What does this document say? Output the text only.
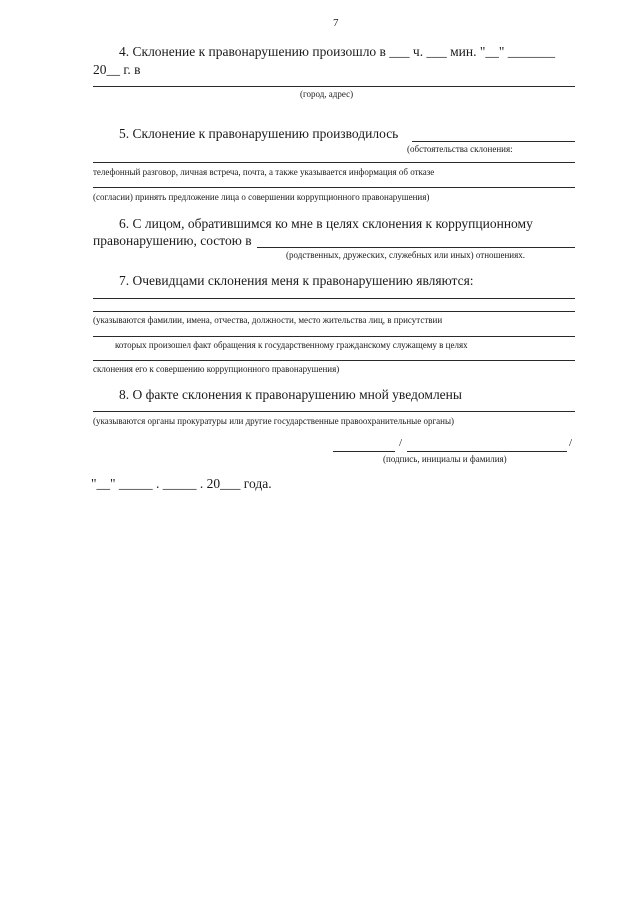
7
4. Склонение к правонарушению произошло в ___ ч. ___ мин. "__" _______
20__ г. в
(город, адрес)
5. Склонение к правонарушению производилось
(обстоятельства склонения:
телефонный разговор, личная встреча, почта, а также указывается информация об отказе
(согласии) принять предложение лица о совершении коррупционного правонарушения)
6. С лицом, обратившимся ко мне в целях склонения к коррупционному
правонарушению, состою в
(родственных, дружеских, служебных или иных) отношениях.
7. Очевидцами склонения меня к правонарушению являются:
(указываются фамилии, имена, отчества, должности, место жительства лиц, в присутствии
которых произошел факт обращения к государственному гражданскому служащему в целях
склонения его к совершению коррупционного правонарушения)
8. О факте склонения к правонарушению мной уведомлены
(указываются органы прокуратуры или другие государственные правоохранительные органы)
/	/
(подпись, инициалы и фамилия)
"__" _____ . _____ . 20___ года.
